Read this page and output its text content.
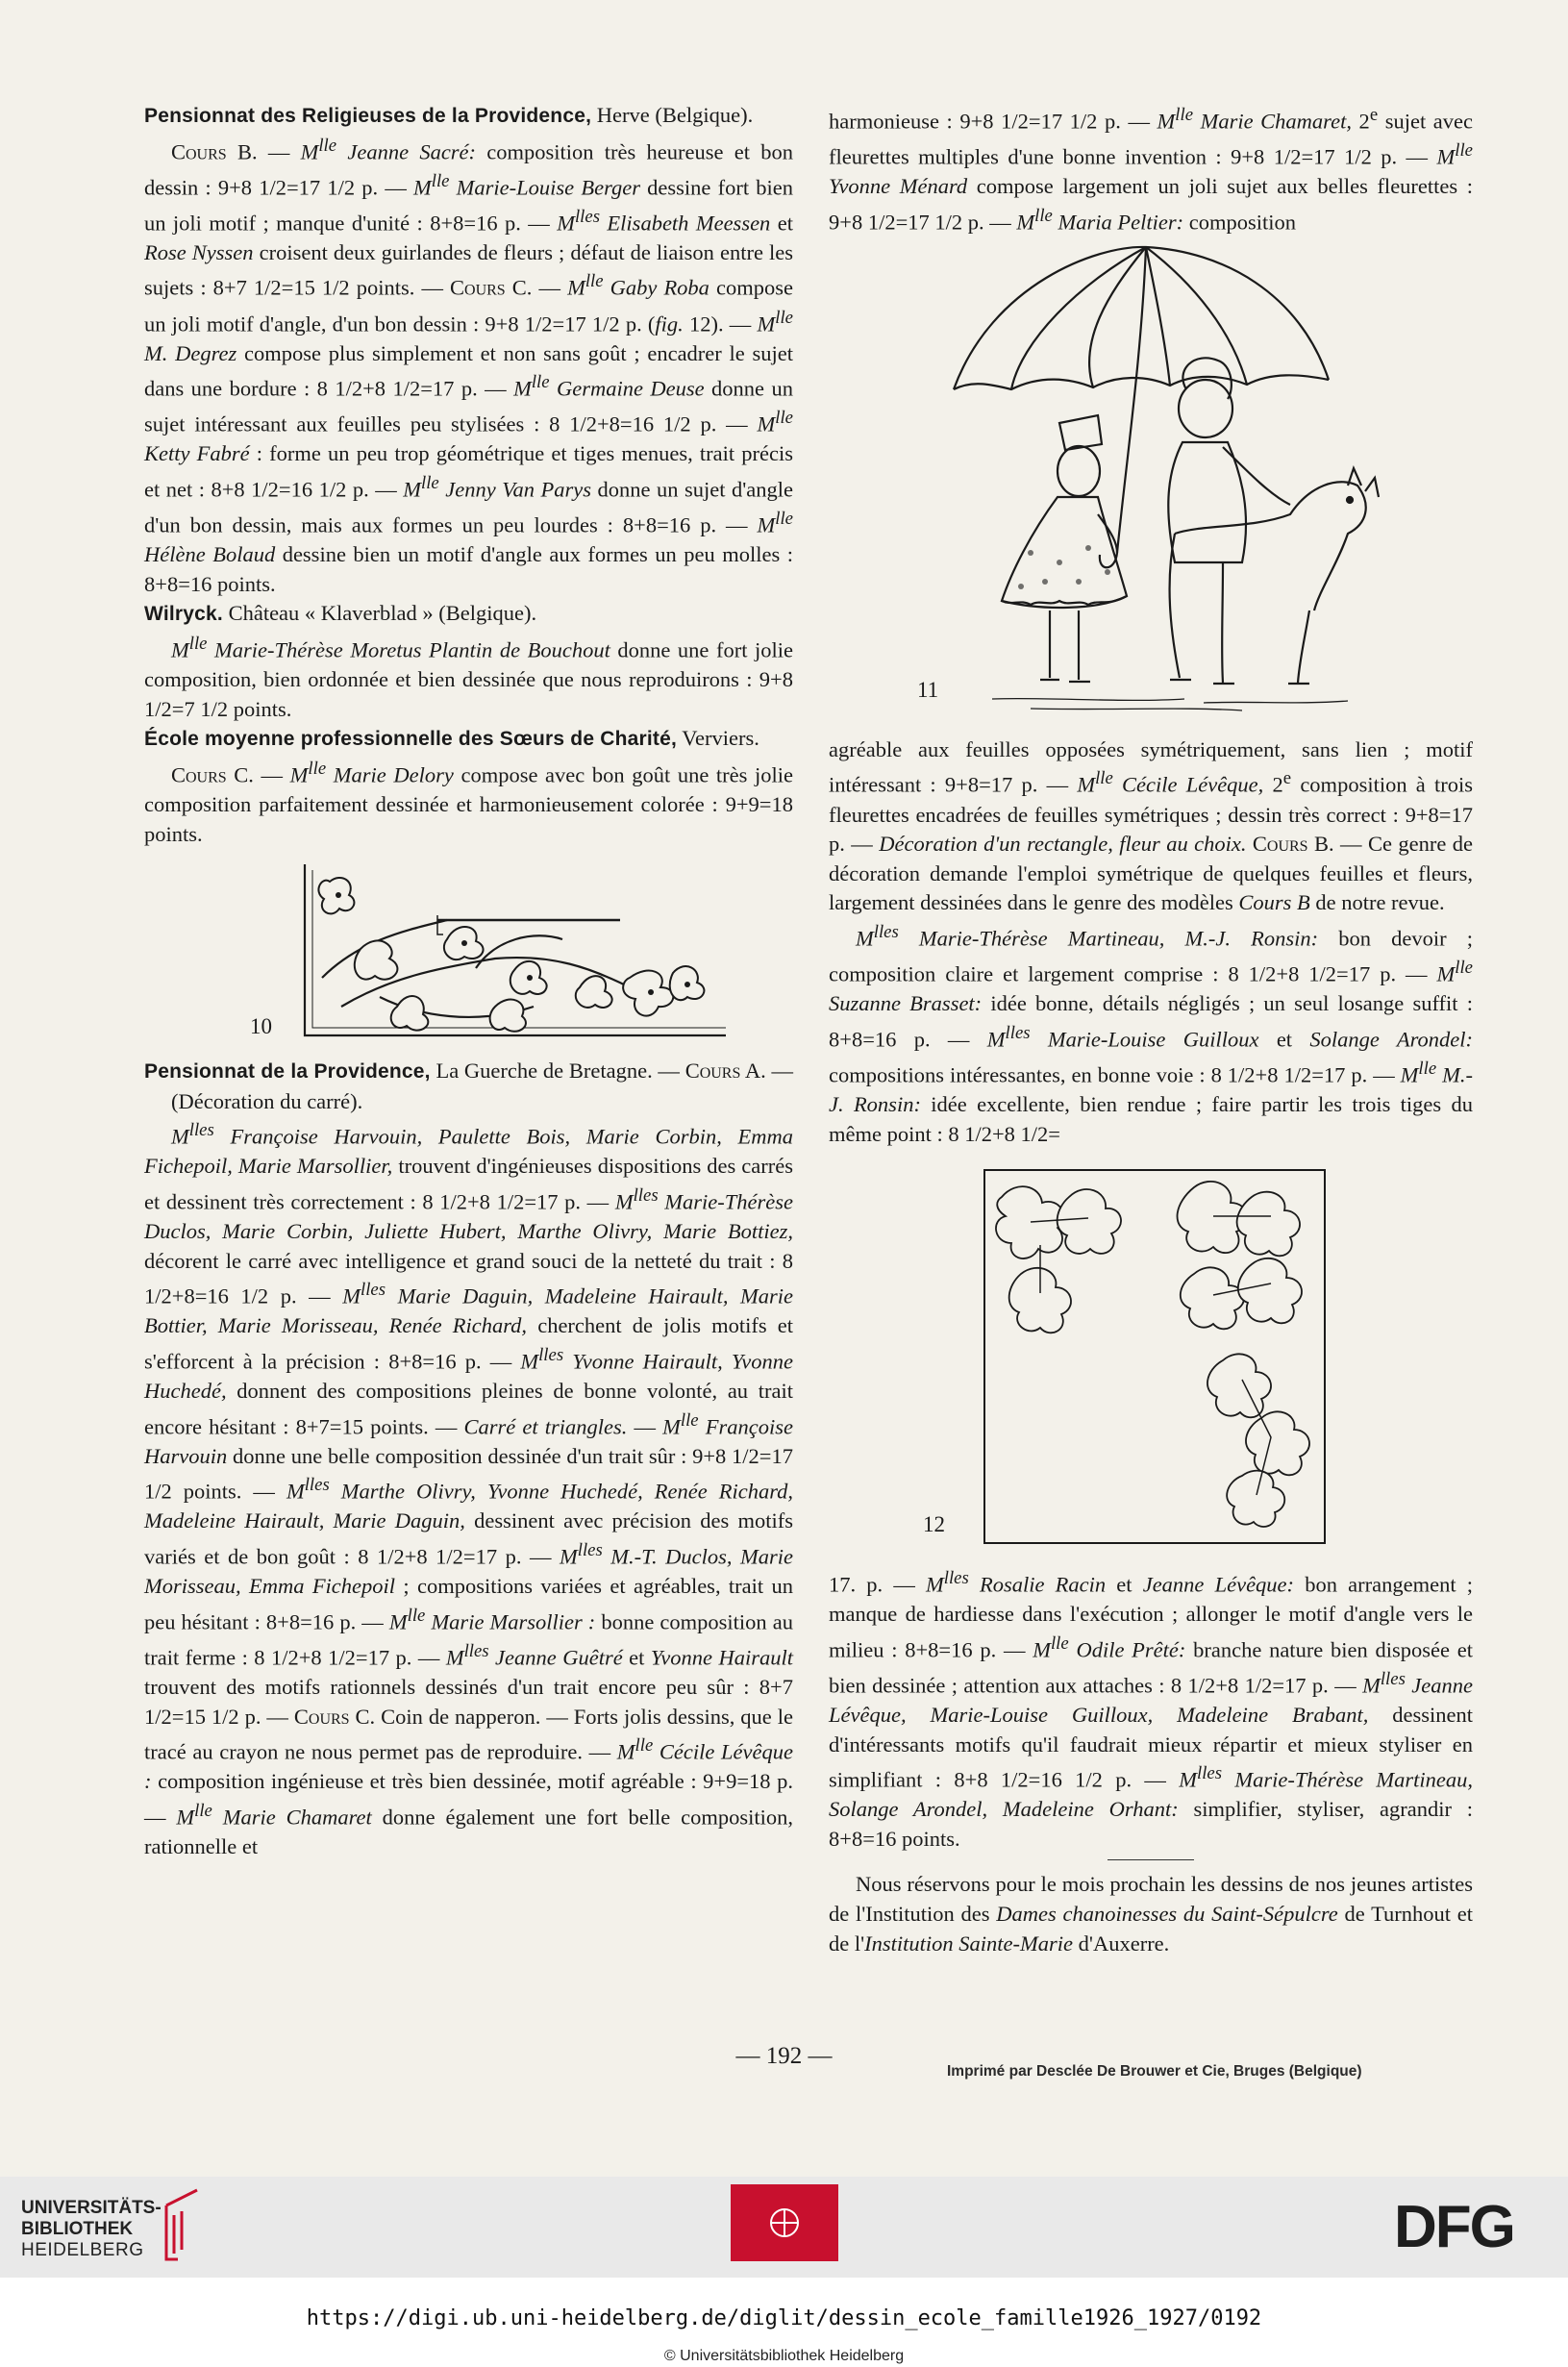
Pensionnat des Religieuses de la Providence, Herve (Belgique).

Cours B. — $M^{lle}$ Jeanne Sacré: composition très heureuse et bon dessin : 9+8 1/2=17 1/2 p. — $M^{lle}$ Marie-Louise Berger dessine fort bien un joli motif ; manque d'unité : 8+8=16 p. — $M^{lles}$ Elisabeth Meessen et Rose Nyssen croisent deux guirlandes de fleurs ; défaut de liaison entre les sujets : 8+7 1/2=15 1/2 points. — Cours C. — $M^{lle}$ Gaby Roba compose un joli motif d'angle, d'un bon dessin : 9+8 1/2=17 1/2 p. (fig. 12). — $M^{lle}$ M. Degrez compose plus simplement et non sans goût ; encadrer le sujet dans une bordure : 8 1/2+8 1/2=17 p. — $M^{lle}$ Germaine Deuse donne un sujet intéressant aux feuilles peu stylisées : 8 1/2+8=16 1/2 p. — $M^{lle}$ Ketty Fabré : forme un peu trop géométrique et tiges menues, trait précis et net : 8+8 1/2=16 1/2 p. — $M^{lle}$ Jenny Van Parys donne un sujet d'angle d'un bon dessin, mais aux formes un peu lourdes : 8+8=16 p. — $M^{lle}$ Hélène Bolaud dessine bien un motif d'angle aux formes un peu molles : 8+8=16 points.

Wilryck. Château « Klaverblad » (Belgique).

$M^{lle}$ Marie-Thérèse Moretus Plantin de Bouchout donne une fort jolie composition, bien ordonnée et bien dessinée que nous reproduirons : 9+8 1/2=7 1/2 points.

École moyenne professionnelle des Sœurs de Charité, Verviers.

Cours C. — $M^{lle}$ Marie Delory compose avec bon goût une très jolie composition parfaitement dessinée et harmonieusement colorée : 9+9=18 points.

10

Pensionnat de la Providence, La Guerche de Bretagne. — Cours A. — (Décoration du carré).

$M^{lles}$ Françoise Harvouin, Paulette Bois, Marie Corbin, Emma Fichepoil, Marie Marsollier, trouvent d'ingénieuses dispositions des carrés et dessinent très correctement : 8 1/2+8 1/2=17 p. — $M^{lles}$ Marie-Thérèse Duclos, Marie Corbin, Juliette Hubert, Marthe Olivry, Marie Bottiez, décorent le carré avec intelligence et grand souci de la netteté du trait : 8 1/2+8=16 1/2 p. — $M^{lles}$ Marie Daguin, Madeleine Hairault, Marie Bottier, Marie Morisseau, Renée Richard, cherchent de jolis motifs et s'efforcent à la précision : 8+8=16 p. — $M^{lles}$ Yvonne Hairault, Yvonne Huchedé, donnent des compositions pleines de bonne volonté, au trait encore hésitant : 8+7=15 points. — Carré et triangles. — $M^{lle}$ Françoise Harvouin donne une belle composition dessinée d'un trait sûr : 9+8 1/2=17 1/2 points. — $M^{lles}$ Marthe Olivry, Yvonne Huchedé, Renée Richard, Madeleine Hairault, Marie Daguin, dessinent avec précision des motifs variés et de bon goût : 8 1/2+8 1/2=17 p. — $M^{lles}$ M.-T. Duclos, Marie Morisseau, Emma Fichepoil ; compositions variées et agréables, trait un peu hésitant : 8+8=16 p. — $M^{lle}$ Marie Marsollier : bonne composition au trait ferme : 8 1/2+8 1/2=17 p. — $M^{lles}$ Jeanne Guêtré et Yvonne Hairault trouvent des motifs rationnels dessinés d'un trait encore peu sûr : 8+7 1/2=15 1/2 p. — Cours C. Coin de napperon. — Forts jolis dessins, que le tracé au crayon ne nous permet pas de reproduire. — $M^{lle}$ Cécile Lévêque : composition ingénieuse et très bien dessinée, motif agréable : 9+9=18 p. — $M^{lle}$ Marie Chamaret donne également une fort belle composition, rationnelle et

harmonieuse : 9+8 1/2=17 1/2 p. — $M^{lle}$ Marie Chamaret, 2e sujet avec fleurettes multiples d'une bonne invention : 9+8 1/2=17 1/2 p. — $M^{lle}$ Yvonne Ménard compose largement un joli sujet aux belles fleurettes : 9+8 1/2=17 1/2 p. — $M^{lle}$ Maria Peltier: composition

11

agréable aux feuilles opposées symétriquement, sans lien ; motif intéressant : 9+8=17 p. — $M^{lle}$ Cécile Lévêque, 2e composition à trois fleurettes encadrées de feuilles symétriques ; dessin très correct : 9+8=17 p. — Décoration d'un rectangle, fleur au choix. Cours B. — Ce genre de décoration demande l'emploi symétrique de quelques feuilles et fleurs, largement dessinées dans le genre des modèles Cours B de notre revue.

$M^{lles}$ Marie-Thérèse Martineau, M.-J. Ronsin: bon devoir ; composition claire et largement comprise : 8 1/2+8 1/2=17 p. — $M^{lle}$ Suzanne Brasset: idée bonne, détails négligés ; un seul losange suffit : 8+8=16 p. — $M^{lles}$ Marie-Louise Guilloux et Solange Arondel: compositions intéressantes, en bonne voie : 8 1/2+8 1/2=17 p. — $M^{lle}$ M.-J. Ronsin: idée excellente, bien rendue ; faire partir les trois tiges du même point : 8 1/2+8 1/2=

12

17. p. — $M^{lles}$ Rosalie Racin et Jeanne Lévêque: bon arrangement ; manque de hardiesse dans l'exécution ; allonger le motif d'angle vers le milieu : 8+8=16 p. — $M^{lle}$ Odile Prêté: branche nature bien disposée et bien dessinée ; attention aux attaches : 8 1/2+8 1/2=17 p. — $M^{lles}$ Jeanne Lévêque, Marie-Louise Guilloux, Madeleine Brabant, dessinent d'intéressants motifs qu'il faudrait mieux répartir et mieux styliser en simplifiant : 8+8 1/2=16 1/2 p. — $M^{lles}$ Marie-Thérèse Martineau, Solange Arondel, Madeleine Orhant: simplifier, styliser, agrandir : 8+8=16 points.

Nous réservons pour le mois prochain les dessins de nos jeunes artistes de l'Institution des Dames chanoinesses du Saint-Sépulcre de Turnhout et de l'Institution Sainte-Marie d'Auxerre.

— 192 —
Imprimé par Desclée De Brouwer et Cie, Bruges (Belgique)
UNIVERSITÄTS-
BIBLIOTHEK
HEIDELBERG	DFG
https://digi.ub.uni-heidelberg.de/diglit/dessin_ecole_famille1926_1927/0192
© Universitätsbibliothek Heidelberg
